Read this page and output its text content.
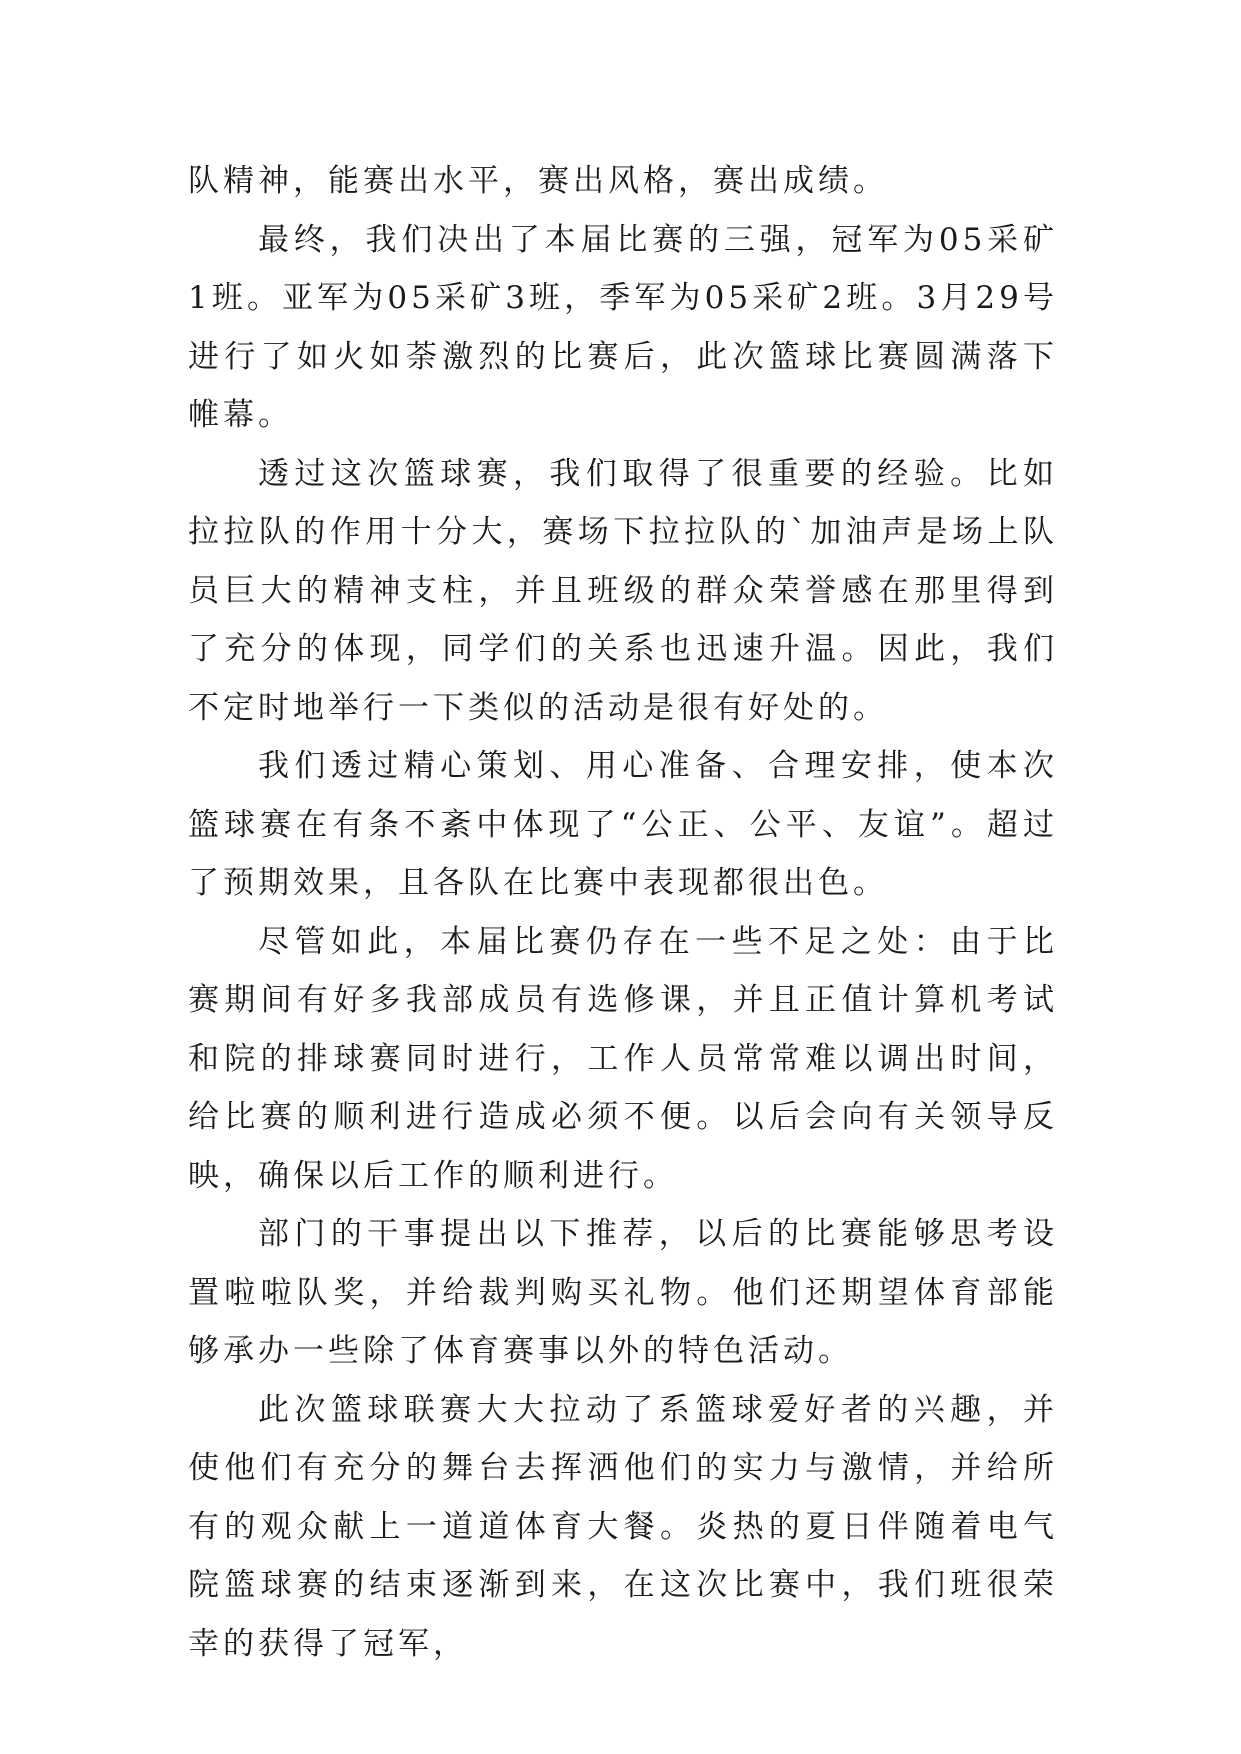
队精神，能赛出水平，赛出风格，赛出成绩。

最终，我们决出了本届比赛的三强，冠军为05采矿1班。亚军为05采矿3班，季军为05采矿2班。3月29号进行了如火如荼激烈的比赛后，此次篮球比赛圆满落下帷幕。

透过这次篮球赛，我们取得了很重要的经验。比如拉拉队的作用十分大，赛场下拉拉队的`加油声是场上队员巨大的精神支柱，并且班级的群众荣誉感在那里得到了充分的体现，同学们的关系也迅速升温。因此，我们不定时地举行一下类似的活动是很有好处的。

我们透过精心策划、用心准备、合理安排，使本次篮球赛在有条不紊中体现了“公正、公平、友谊”。超过了预期效果，且各队在比赛中表现都很出色。

尽管如此，本届比赛仍存在一些不足之处：由于比赛期间有好多我部成员有选修课，并且正值计算机考试和院的排球赛同时进行，工作人员常常难以调出时间，给比赛的顺利进行造成必须不便。以后会向有关领导反映，确保以后工作的顺利进行。

部门的干事提出以下推荐，以后的比赛能够思考设置啦啦队奖，并给裁判购买礼物。他们还期望体育部能够承办一些除了体育赛事以外的特色活动。

此次篮球联赛大大拉动了系篮球爱好者的兴趣，并使他们有充分的舞台去挥洒他们的实力与激情，并给所有的观众献上一道道体育大餐。炎热的夏日伴随着电气院篮球赛的结束逐渐到来，在这次比赛中，我们班很荣幸的获得了冠军，
